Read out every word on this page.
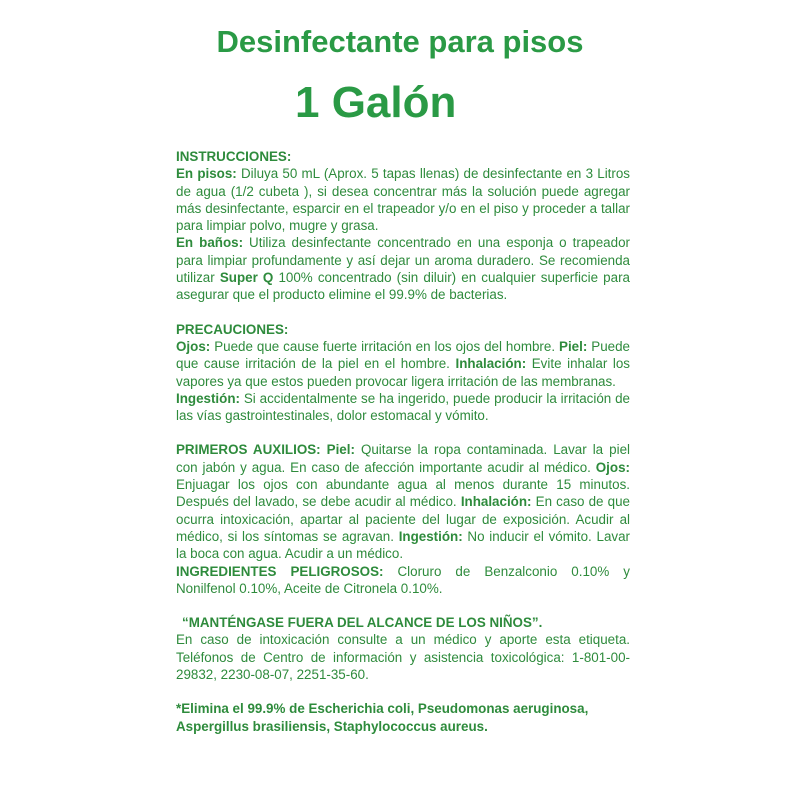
Desinfectante para pisos
1 Galón

INSTRUCCIONES:

En pisos: Diluya 50 mL (Aprox. 5 tapas llenas) de desinfectante en 3 Litros de agua (1/2 cubeta ), si desea concentrar más la solución puede agregar más desinfectante, esparcir en el trapeador y/o en el piso y proceder a tallar para limpiar polvo, mugre y grasa.

En baños: Utiliza desinfectante concentrado en una esponja o trapeador para limpiar profundamente y así dejar un aroma duradero. Se recomienda utilizar Super Q 100% concentrado (sin diluir) en cualquier superficie para asegurar que el producto elimine el 99.9% de bacterias.

PRECAUCIONES:

Ojos: Puede que cause fuerte irritación en los ojos del hombre. Piel: Puede que cause irritación de la piel en el hombre. Inhalación: Evite inhalar los vapores ya que estos pueden provocar ligera irritación de las membranas.

Ingestión: Si accidentalmente se ha ingerido, puede producir la irritación de las vías gastrointestinales, dolor estomacal y vómito.

PRIMEROS AUXILIOS: Piel: Quitarse la ropa contaminada. Lavar la piel con jabón y agua. En caso de afección importante acudir al médico. Ojos: Enjuagar los ojos con abundante agua al menos durante 15 minutos. Después del lavado, se debe acudir al médico. Inhalación: En caso de que ocurra intoxicación, apartar al paciente del lugar de exposición. Acudir al médico, si los síntomas se agravan. Ingestión: No inducir el vómito. Lavar la boca con agua. Acudir a un médico.

INGREDIENTES PELIGROSOS: Cloruro de Benzalconio 0.10% y Nonilfenol 0.10%, Aceite de Citronela 0.10%.

“MANTÉNGASE FUERA DEL ALCANCE DE LOS NIÑOS”.

En caso de intoxicación consulte a un médico y aporte esta etiqueta. Teléfonos de Centro de información y asistencia toxicológica: 1-801-00-29832, 2230-08-07, 2251-35-60.

*Elimina el 99.9% de Escherichia coli, Pseudomonas aeruginosa, Aspergillus brasiliensis, Staphylococcus aureus.
